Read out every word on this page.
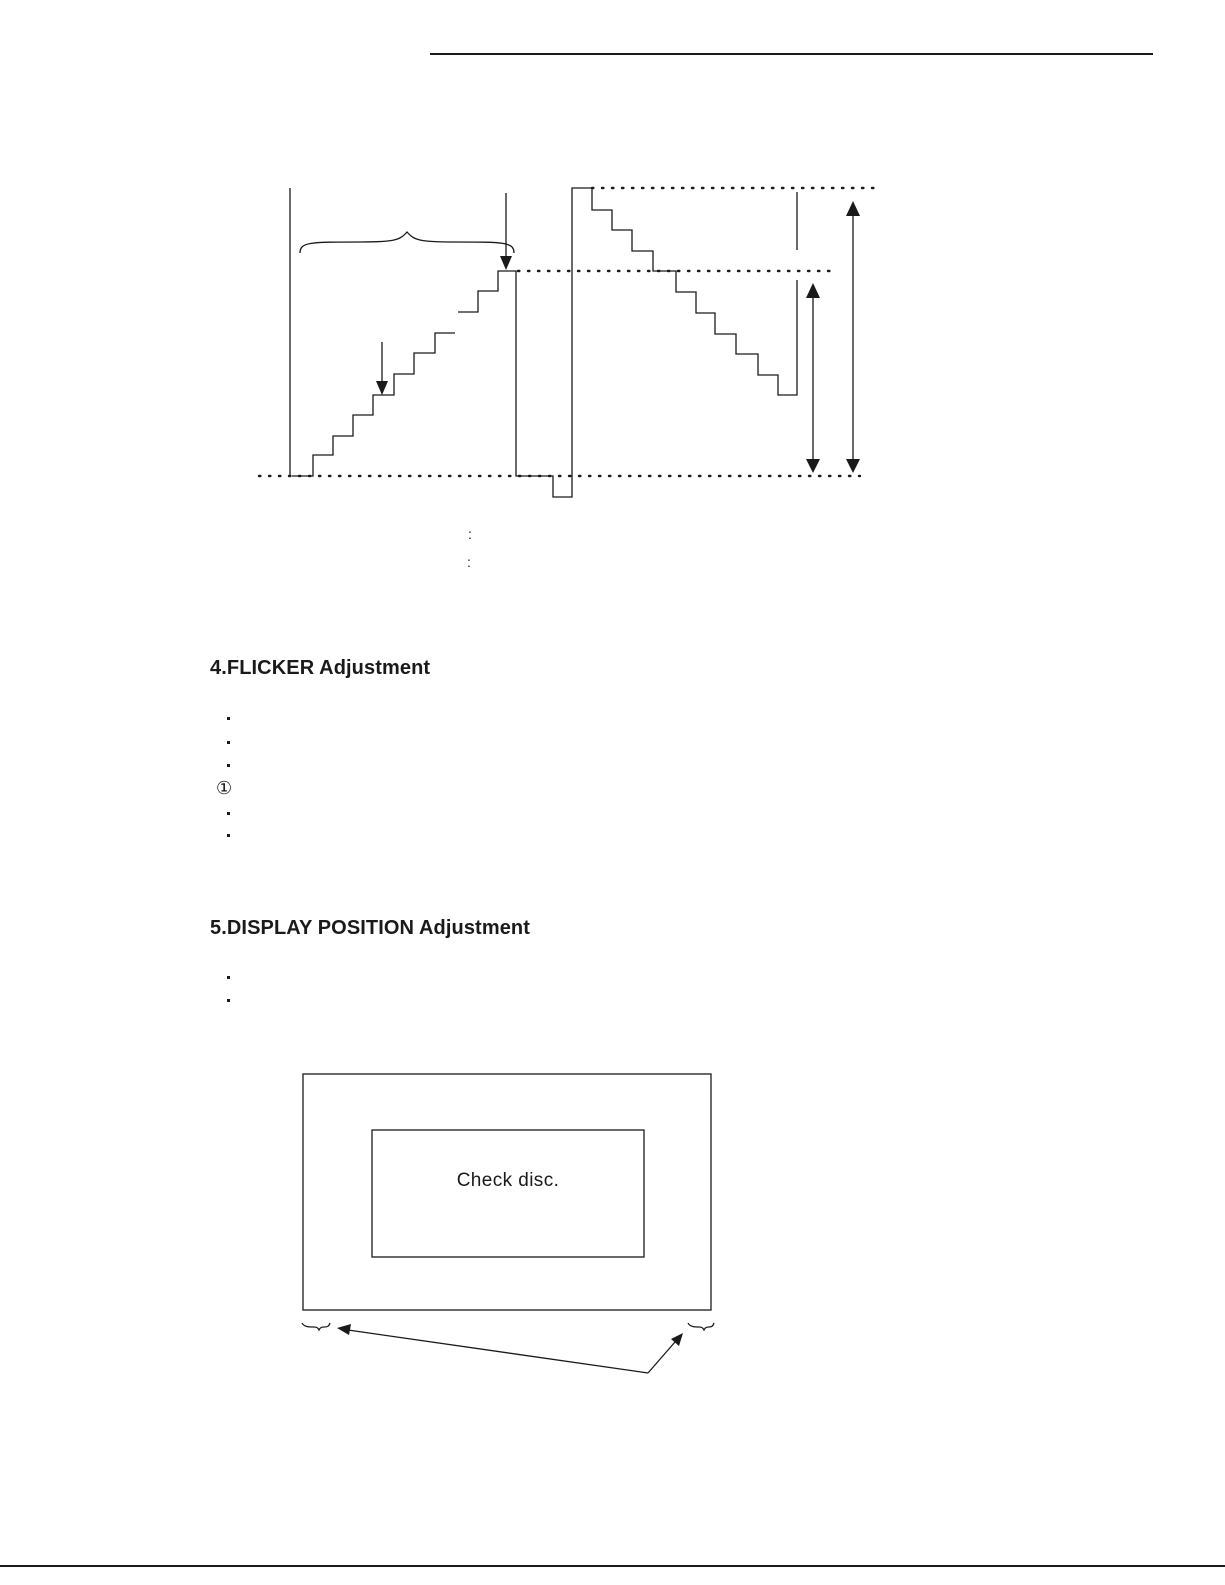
:
:
4.FLICKER Adjustment
①
5.DISPLAY POSITION Adjustment
Check disc.
